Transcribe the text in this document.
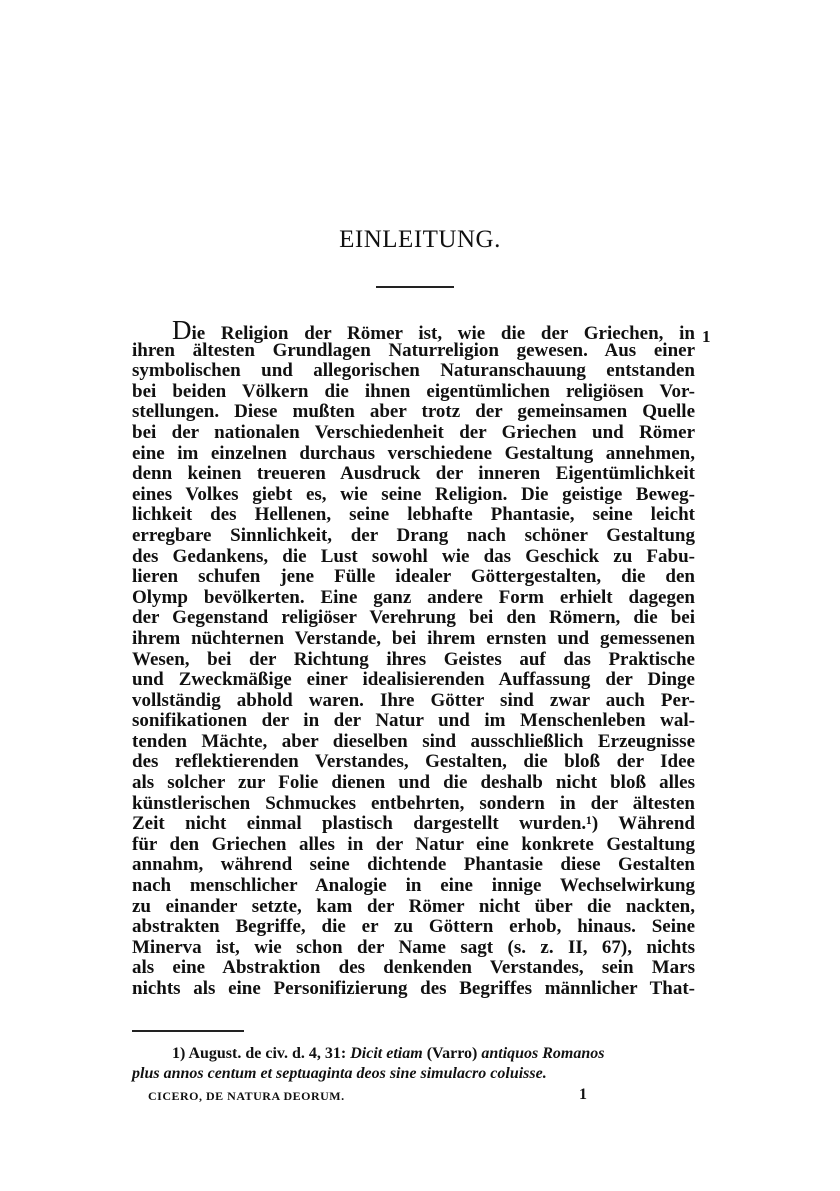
EINLEITUNG.
Die Religion der Römer ist, wie die der Griechen, in
ihren ältesten Grundlagen Naturreligion gewesen. Aus einer
symbolischen und allegorischen Naturanschauung entstanden
bei beiden Völkern die ihnen eigentümlichen religiösen Vor-
stellungen. Diese mußten aber trotz der gemeinsamen Quelle
bei der nationalen Verschiedenheit der Griechen und Römer
eine im einzelnen durchaus verschiedene Gestaltung annehmen,
denn keinen treueren Ausdruck der inneren Eigentümlichkeit
eines Volkes giebt es, wie seine Religion. Die geistige Beweg-
lichkeit des Hellenen, seine lebhafte Phantasie, seine leicht
erregbare Sinnlichkeit, der Drang nach schöner Gestaltung
des Gedankens, die Lust sowohl wie das Geschick zu Fabu-
lieren schufen jene Fülle idealer Göttergestalten, die den
Olymp bevölkerten. Eine ganz andere Form erhielt dagegen
der Gegenstand religiöser Verehrung bei den Römern, die bei
ihrem nüchternen Verstande, bei ihrem ernsten und gemessenen
Wesen, bei der Richtung ihres Geistes auf das Praktische
und Zweckmäßige einer idealisierenden Auffassung der Dinge
vollständig abhold waren. Ihre Götter sind zwar auch Per-
sonifikationen der in der Natur und im Menschenleben wal-
tenden Mächte, aber dieselben sind ausschließlich Erzeugnisse
des reflektierenden Verstandes, Gestalten, die bloß der Idee
als solcher zur Folie dienen und die deshalb nicht bloß alles
künstlerischen Schmuckes entbehrten, sondern in der ältesten
Zeit nicht einmal plastisch dargestellt wurden.¹) Während
für den Griechen alles in der Natur eine konkrete Gestaltung
annahm, während seine dichtende Phantasie diese Gestalten
nach menschlicher Analogie in eine innige Wechselwirkung
zu einander setzte, kam der Römer nicht über die nackten,
abstrakten Begriffe, die er zu Göttern erhob, hinaus. Seine
Minerva ist, wie schon der Name sagt (s. z. II, 67), nichts
als eine Abstraktion des denkenden Verstandes, sein Mars
nichts als eine Personifizierung des Begriffes männlicher That-
1
1) August. de civ. d. 4, 31: Dicit etiam (Varro) antiquos Romanos
plus annos centum et septuaginta deos sine simulacro coluisse.
CICERO, DE NATURA DEORUM.	1
